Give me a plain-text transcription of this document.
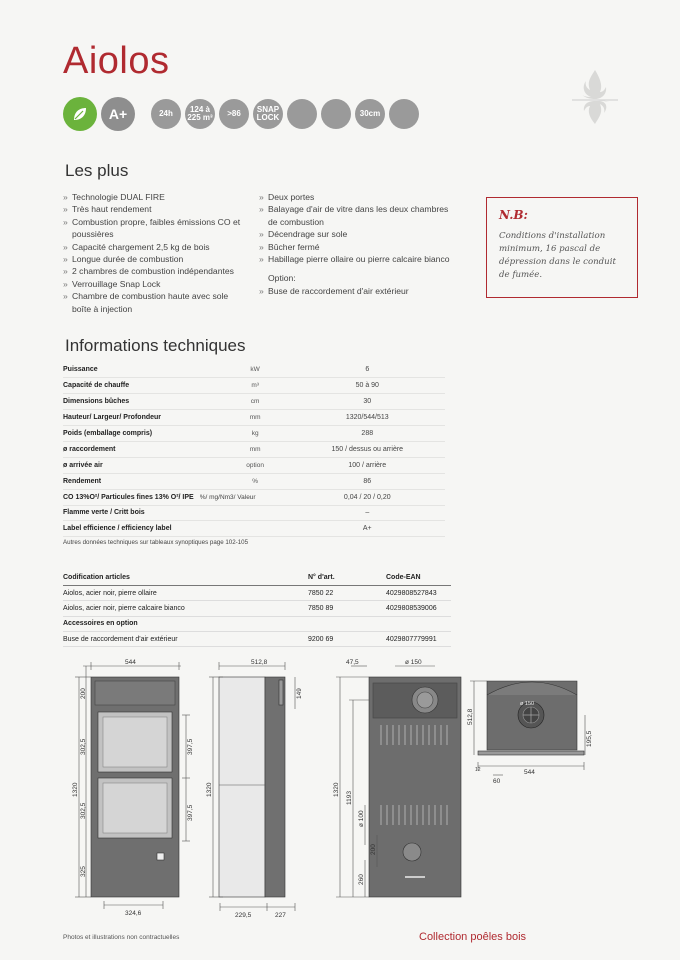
Aiolos
A+	24h	124 à 225 m³	>86	SNAP LOCK	30cm
Les plus
» Technologie DUAL FIRE
» Très haut rendement
» Combustion propre, faibles émissions CO et poussières
» Capacité chargement 2,5 kg de bois
» Longue durée de combustion
» 2 chambres de combustion indépendantes
» Verrouillage Snap Lock
» Chambre de combustion haute avec sole boîte à injection
» Deux portes
» Balayage d'air de vitre dans les deux chambres de combustion
» Décendrage sur sole
» Bûcher fermé
» Habillage pierre ollaire ou pierre calcaire bianco
Option:
» Buse de raccordement d'air extérieur
N.B:
Conditions d'installation minimum, 16 pascal de dépression dans le conduit de fumée.
Informations techniques
Puissance	kW	6
Capacité de chauffe	m³	50 à 90
Dimensions bûches	cm	30
Hauteur/ Largeur/ Profondeur	mm	1320/544/513
Poids (emballage compris)	kg	288
ø raccordement	mm	150 / dessus ou arrière
ø arrivée air	option	100 / arrière
Rendement	%	86
CO 13%O²/ Particules fines 13% O²/ IPE %/ mg/Nm3/ Valeur		0,04 / 20 / 0,20
Flamme verte / Critt bois		–
Label efficience / efficiency label		A+
Autres données techniques sur tableaux synoptiques page 102-105
Codification articles	N° d'art.	Code-EAN
Aiolos, acier noir, pierre ollaire	7850 22	4029808527843
Aiolos, acier noir, pierre calcaire bianco	7850 89	4029808539006
Accessoires en option		
Buse de raccordement d'air extérieur	9200 69	4029807779991
544
200
302,5
302,5
325
1320
397,5
397,5
324,6
512,8
1320
149
229,5	227
47,5	ø 150
1320
1193
ø 100
200
260
512,8
ø 150
195,5
544
60
12
Photos et illustrations non contractuelles	Collection poêles bois
